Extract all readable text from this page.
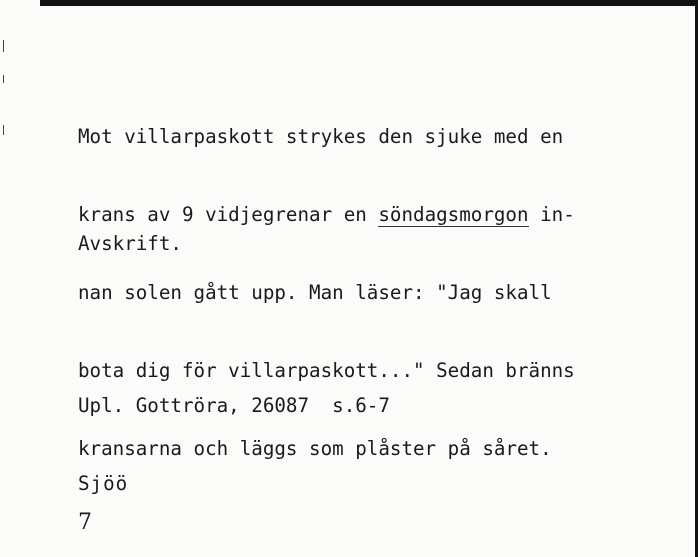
Mot villarpaskott strykes den sjuke med en

krans av 9 vidjegrenar en söndagsmorgon in-

nan solen gått upp. Man läser: "Jag skall

bota dig för villarpaskott..." Sedan bränns

kransarna och läggs som plåster på såret.

Avskrift.

Upl. Gottröra, 26087  s.6-7

Sjöö

7
